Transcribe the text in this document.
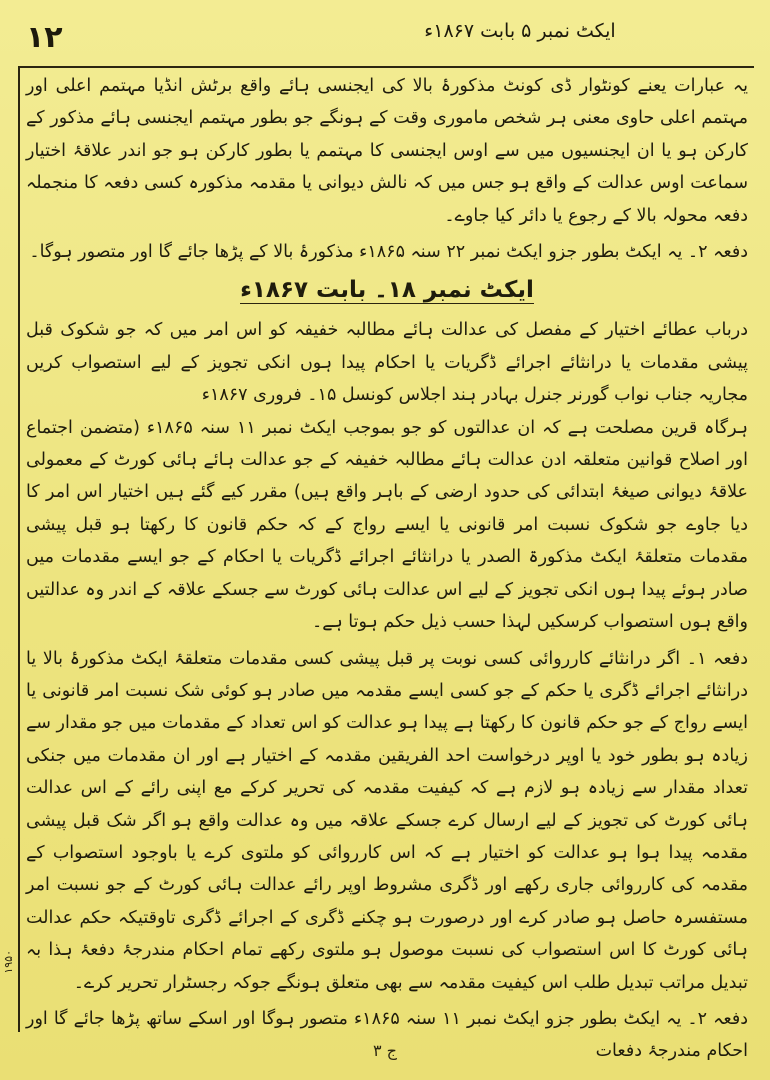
۱۲	ایکٹ نمبر ۵ بابت ۱۸۶۷ء

یہ عبارات یعنے کونٹوار ڈی کونٹ مذکورۂ بالا کی ایجنسی ہائے واقع برٹش انڈیا مہتمم اعلی اور مہتمم اعلی حاوی معنی ہر شخص ماموری وقت کے ہونگے جو بطور مہتمم ایجنسی ہائے مذکور کے کارکن ہو یا ان ایجنسیوں میں سے اوس ایجنسی کا مہتمم یا بطور کارکن ہو جو اندر علاقۂ اختیار سماعت اوس عدالت کے واقع ہو جس میں کہ نالش دیوانی یا مقدمہ مذکورہ کسی دفعہ کا منجملہ دفعہ محولہ بالا کے رجوع یا دائر کیا جاوے۔

دفعہ ۲۔ یہ ایکٹ بطور جزو ایکٹ نمبر ۲۲ سنہ ۱۸۶۵ء مذکورۂ بالا کے پڑھا جائے گا اور متصور ہوگا۔

ایکٹ نمبر ۱۸۔ بابت ۱۸۶۷ء

درباب عطائے اختیار کے مفصل کی عدالت ہائے مطالبہ خفیفہ کو اس امر میں کہ جو شکوک قبل پیشی مقدمات یا درانثائے اجرائے ڈگریات یا احکام پیدا ہوں انکی تجویز کے لیے استصواب کریں مجاریہ جناب نواب گورنر جنرل بہادر ہند اجلاس کونسل ۱۵۔ فروری ۱۸۶۷ء

ہرگاہ قرین مصلحت ہے کہ ان عدالتوں کو جو بموجب ایکٹ نمبر ۱۱ سنہ ۱۸۶۵ء (متضمن اجتماع اور اصلاح قوانین متعلقہ ادن عدالت ہائے مطالبہ خفیفہ کے جو عدالت ہائے ہائی کورٹ کے معمولی علاقۂ دیوانی صیغۂ ابتدائی کی حدود ارضی کے باہر واقع ہیں) مقرر کیے گئے ہیں اختیار اس امر کا دیا جاوے جو شکوک نسبت امر قانونی یا ایسے رواج کے کہ حکم قانون کا رکھتا ہو قبل پیشی مقدمات متعلقۂ ایکٹ مذکورۃ الصدر یا درانثائے اجرائے ڈگریات یا احکام کے جو ایسے مقدمات میں صادر ہوئے پیدا ہوں انکی تجویز کے لیے اس عدالت ہائی کورٹ سے جسکے علاقہ کے اندر وہ عدالتیں واقع ہوں استصواب کرسکیں لہذا حسب ذیل حکم ہوتا ہے۔

دفعہ ۱۔ اگر درانثائے کارروائی کسی نوبت پر قبل پیشی کسی مقدمات متعلقۂ ایکٹ مذکورۂ بالا یا درانثائے اجرائے ڈگری یا حکم کے جو کسی ایسے مقدمہ میں صادر ہو کوئی شک نسبت امر قانونی یا ایسے رواج کے جو حکم قانون کا رکھتا ہے پیدا ہو عدالت کو اس تعداد کے مقدمات میں جو مقدار سے زیادہ ہو بطور خود یا اوپر درخواست احد الفریقین مقدمہ کے اختیار ہے اور ان مقدمات میں جنکی تعداد مقدار سے زیادہ ہو لازم ہے کہ کیفیت مقدمہ کی تحریر کرکے مع اپنی رائے کے اس عدالت ہائی کورٹ کی تجویز کے لیے ارسال کرے جسکے علاقہ میں وہ عدالت واقع ہو اگر شک قبل پیشی مقدمہ پیدا ہوا ہو عدالت کو اختیار ہے کہ اس کارروائی کو ملتوی کرے یا باوجود استصواب کے مقدمہ کی کارروائی جاری رکھے اور ڈگری مشروط اوپر رائے عدالت ہائی کورٹ کے جو نسبت امر مستفسرہ حاصل ہو صادر کرے اور درصورت ہو چکنے ڈگری کے اجرائے ڈگری تاوقتیکہ حکم عدالت ہائی کورٹ کا اس استصواب کی نسبت موصول ہو ملتوی رکھے تمام احکام مندرجۂ دفعۂ ہذا بہ تبدیل مراتب تبدیل طلب اس کیفیت مقدمہ سے بھی متعلق ہونگے جوکہ رجسٹرار تحریر کرے۔

دفعہ ۲۔ یہ ایکٹ بطور جزو ایکٹ نمبر ۱۱ سنہ ۱۸۶۵ء متصور ہوگا اور اسکے ساتھ پڑھا جائے گا اور احکام مندرجۂ دفعات

۱۹۵۰

ج ۳
